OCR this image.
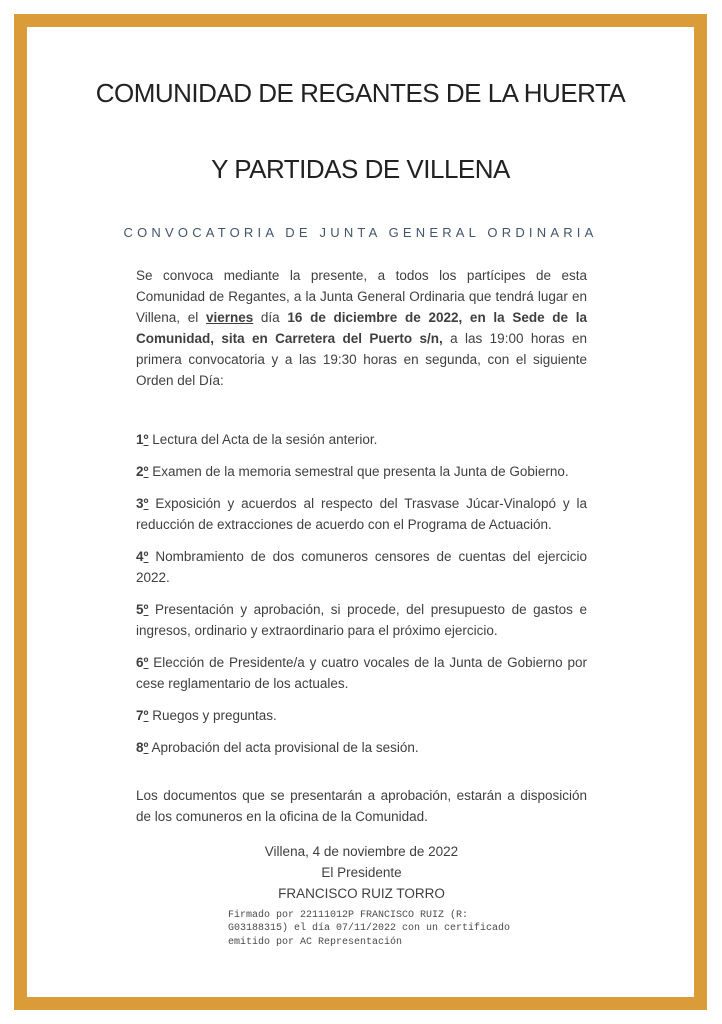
COMUNIDAD DE REGANTES DE LA HUERTA
Y PARTIDAS DE VILLENA
CONVOCATORIA DE JUNTA GENERAL ORDINARIA

Se convoca mediante la presente, a todos los partícipes de esta Comunidad de Regantes, a la Junta General Ordinaria que tendrá lugar en Villena, el viernes día 16 de diciembre de 2022, en la Sede de la Comunidad, sita en Carretera del Puerto s/n, a las 19:00 horas en primera convocatoria y a las 19:30 horas en segunda, con el siguiente Orden del Día:

1º Lectura del Acta de la sesión anterior.

2º Examen de la memoria semestral que presenta la Junta de Gobierno.

3º Exposición y acuerdos al respecto del Trasvase Júcar-Vinalopó y la reducción de extracciones de acuerdo con el Programa de Actuación.

4º Nombramiento de dos comuneros censores de cuentas del ejercicio 2022.

5º Presentación y aprobación, si procede, del presupuesto de gastos e ingresos, ordinario y extraordinario para el próximo ejercicio.

6º Elección de Presidente/a y cuatro vocales de la Junta de Gobierno por cese reglamentario de los actuales.

7º Ruegos y preguntas.

8º Aprobación del acta provisional de la sesión.

Los documentos que se presentarán a aprobación, estarán a disposición de los comuneros en la oficina de la Comunidad.

Villena, 4 de noviembre de 2022
El Presidente
FRANCISCO RUIZ TORRO
Firmado por 22111012P FRANCISCO RUIZ (R:
G03188315) el día 07/11/2022 con un certificado
emitido por AC Representación
